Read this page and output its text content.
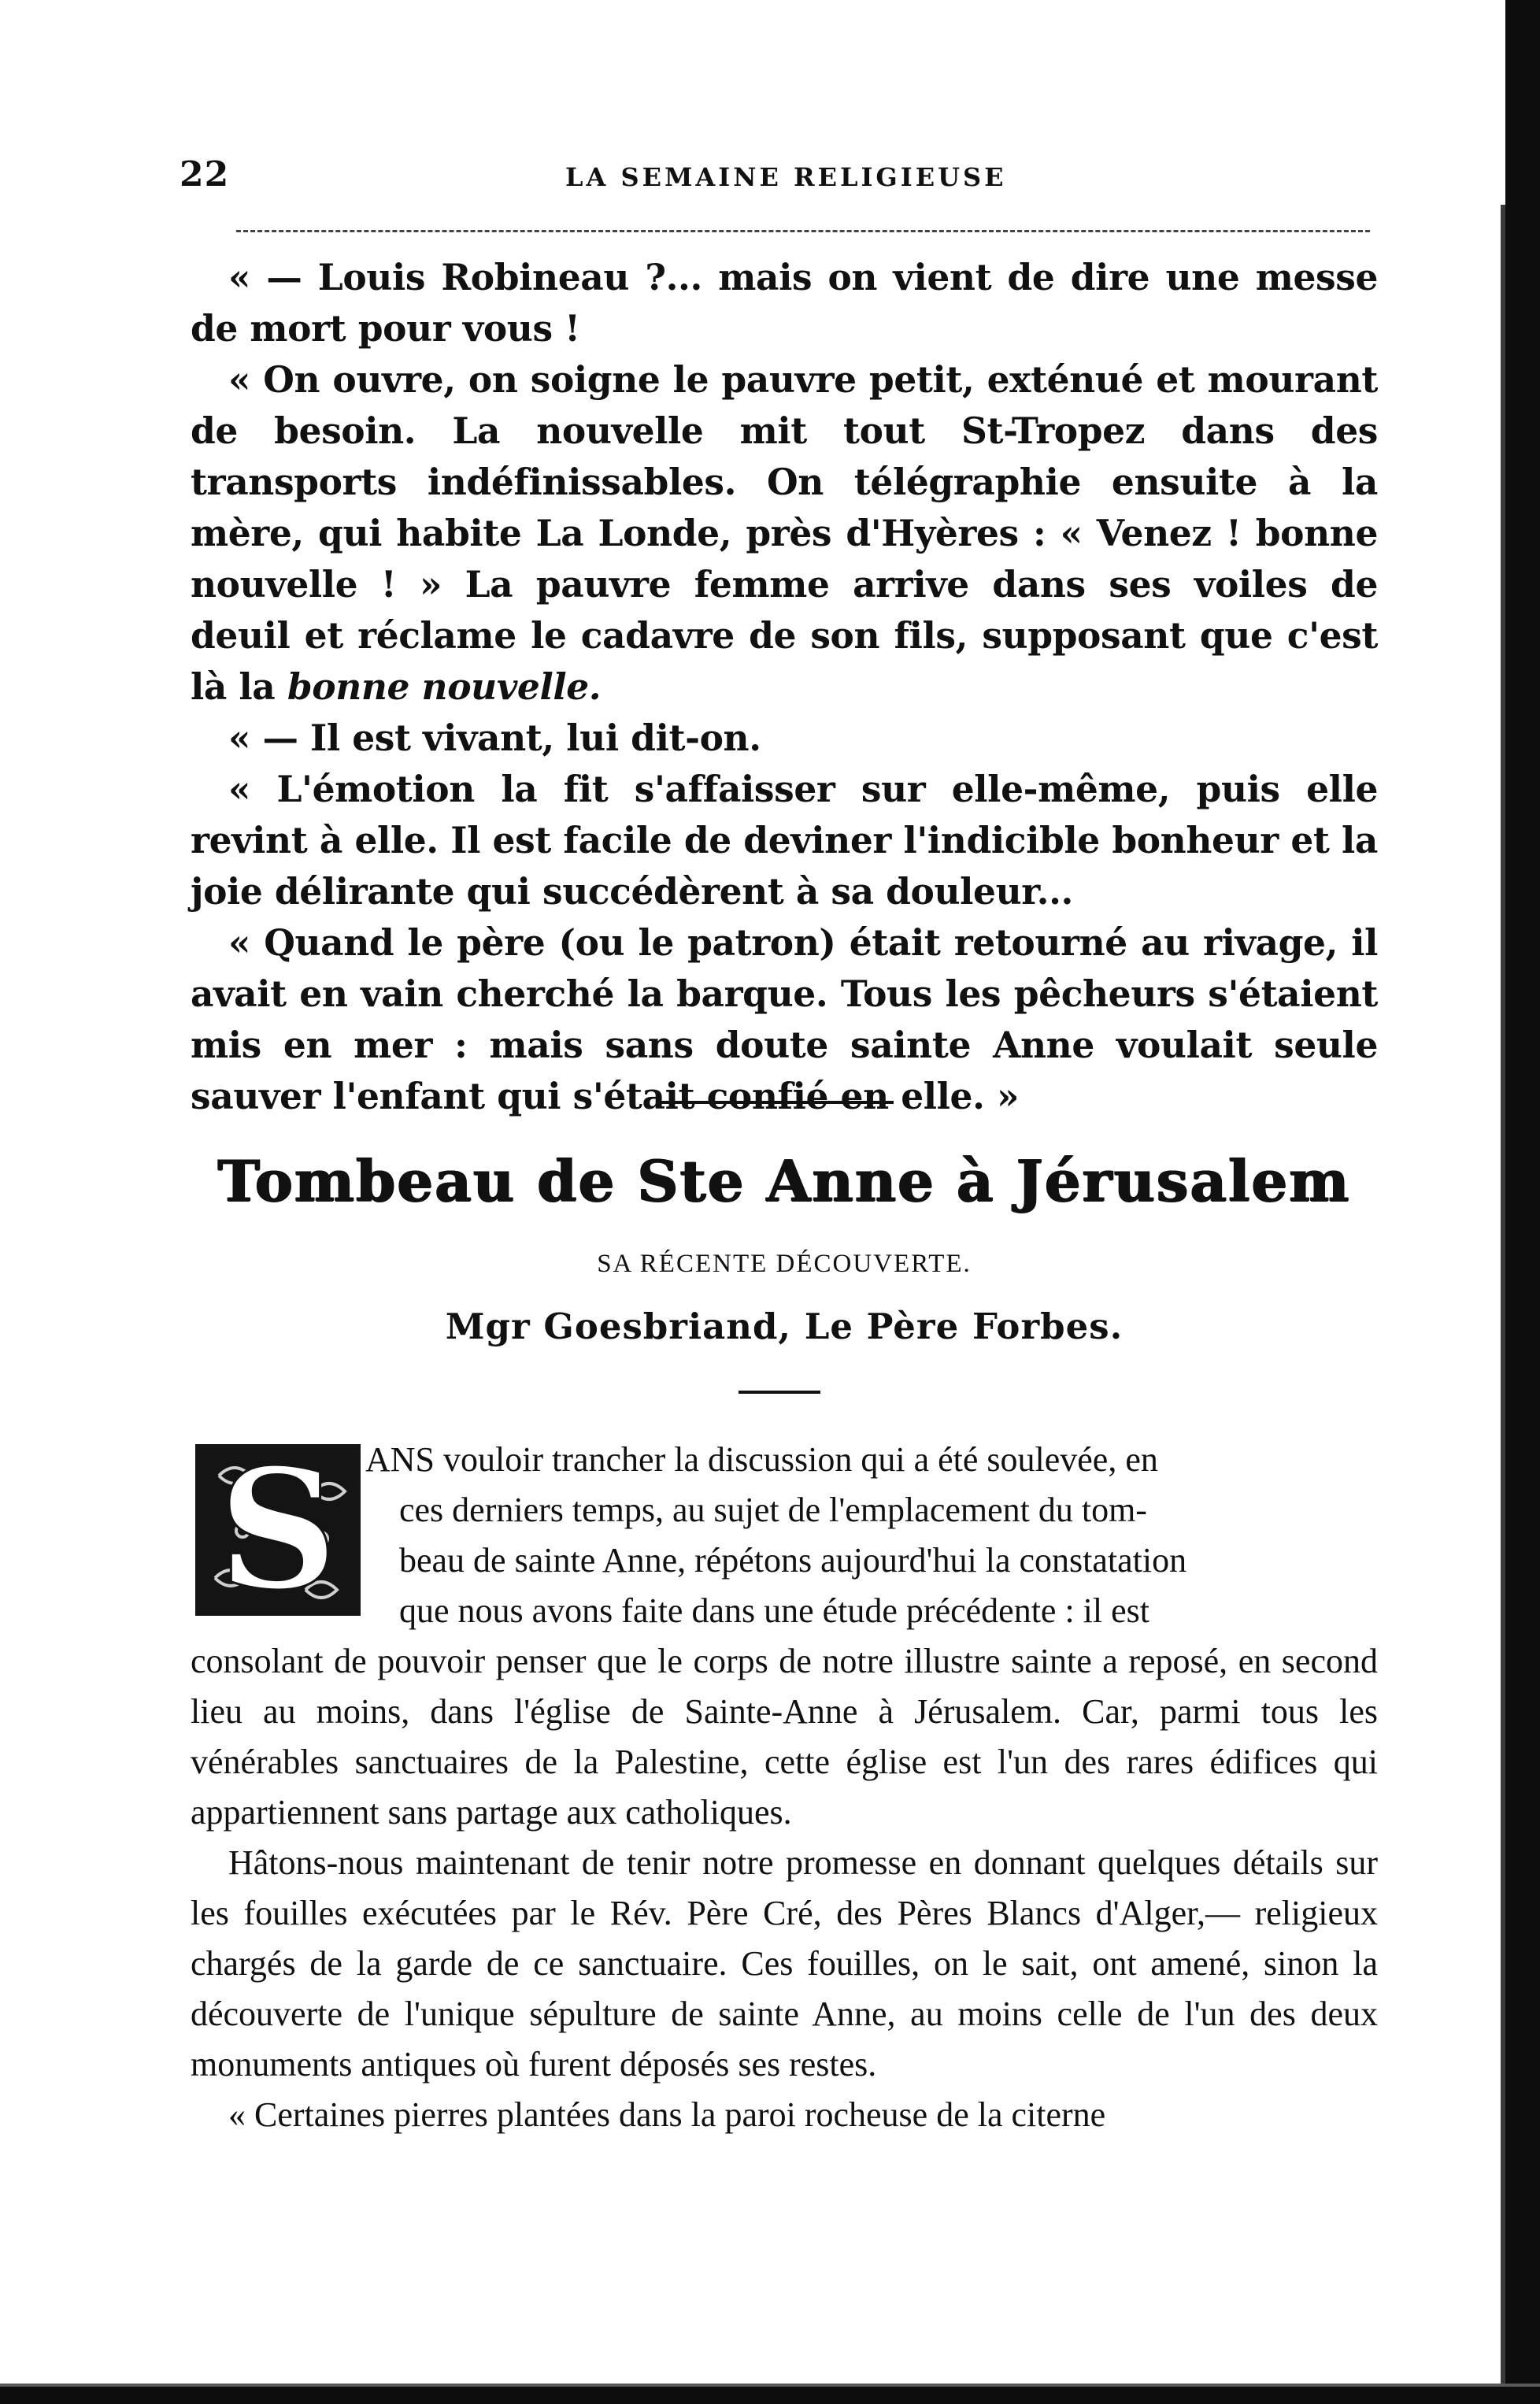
22	LA SEMAINE RELIGIEUSE

« — Louis Robineau ?... mais on vient de dire une messe de mort pour vous !

« On ouvre, on soigne le pauvre petit, exténué et mourant de besoin. La nouvelle mit tout St-Tropez dans des transports indéfinissables. On télégraphie ensuite à la mère, qui habite La Londe, près d'Hyères : « Venez ! bonne nouvelle ! » La pauvre femme arrive dans ses voiles de deuil et réclame le cadavre de son fils, supposant que c'est là la bonne nouvelle.

« — Il est vivant, lui dit-on.

« L'émotion la fit s'affaisser sur elle-même, puis elle revint à elle. Il est facile de deviner l'indicible bonheur et la joie délirante qui succédèrent à sa douleur...

« Quand le père (ou le patron) était retourné au rivage, il avait en vain cherché la barque. Tous les pêcheurs s'étaient mis en mer : mais sans doute sainte Anne voulait seule sauver l'enfant qui s'était confié en elle. »

Tombeau de Ste Anne à Jérusalem
SA RÉCENTE DÉCOUVERTE.
Mgr Goesbriand, Le Père Forbes.
S ANS vouloir trancher la discussion qui a été soulevée, en
ces derniers temps, au sujet de l'emplacement du tom-
beau de sainte Anne, répétons aujourd'hui la constatation
que nous avons faite dans une étude précédente : il est

consolant de pouvoir penser que le corps de notre illustre sainte a reposé, en second lieu au moins, dans l'église de Sainte-Anne à Jérusalem. Car, parmi tous les vénérables sanctuaires de la Palestine, cette église est l'un des rares édifices qui appartiennent sans partage aux catholiques.

Hâtons-nous maintenant de tenir notre promesse en donnant quelques détails sur les fouilles exécutées par le Rév. Père Cré, des Pères Blancs d'Alger,— religieux chargés de la garde de ce sanctuaire. Ces fouilles, on le sait, ont amené, sinon la découverte de l'unique sépulture de sainte Anne, au moins celle de l'un des deux monuments antiques où furent déposés ses restes.

« Certaines pierres plantées dans la paroi rocheuse de la citerne
